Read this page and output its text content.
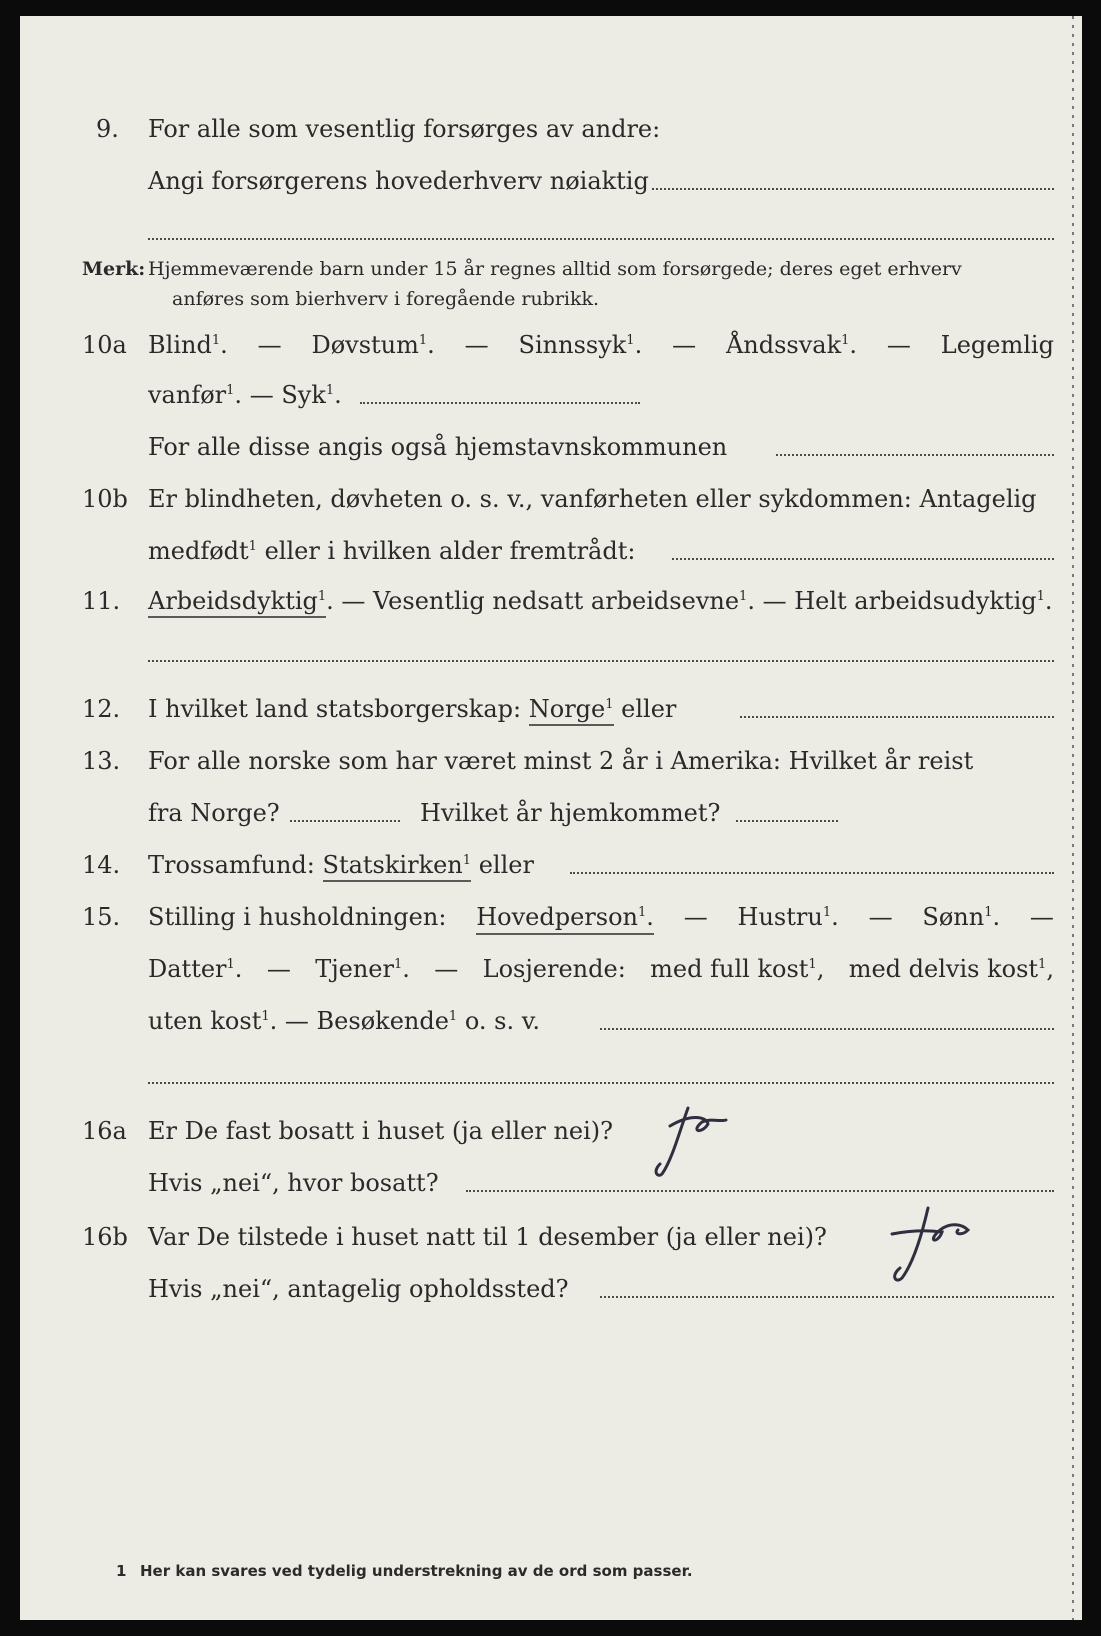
9. For alle som vesentlig forsørges av andre:
Angi forsørgerens hovederhverv nøiaktig
Merk: Hjemmeværende barn under 15 år regnes alltid som forsørgede; deres eget erhverv
anføres som bierhverv i foregående rubrikk.
10a Blind$^1$. — Døvstum$^1$. — Sinnssyk$^1$. — Åndssvak$^1$. — Legemlig
vanfør$^1$. — Syk$^1$.
For alle disse angis også hjemstavnskommunen
10b Er blindheten, døvheten o. s. v., vanførheten eller sykdommen: Antagelig
medfødt$^1$ eller i hvilken alder fremtrådt:
11. Arbeidsdyktig$^1$. — Vesentlig nedsatt arbeidsevne$^1$. — Helt arbeidsudyktig$^1$.
12. I hvilket land statsborgerskap: Norge$^1$ eller
13. For alle norske som har været minst 2 år i Amerika: Hvilket år reist
fra Norge?	Hvilket år hjemkommet?
14. Trossamfund: Statskirken$^1$ eller
15. Stilling i husholdningen: Hovedperson$^1$. — Hustru$^1$. — Sønn$^1$. —
Datter$^1$. — Tjener$^1$. — Losjerende: med full kost$^1$, med delvis kost$^1$,
uten kost$^1$. — Besøkende$^1$ o. s. v.
16a Er De fast bosatt i huset (ja eller nei)?
Ja
Hvis „nei“, hvor bosatt?
16b Var De tilstede i huset natt til 1 desember (ja eller nei)?
Ja
Hvis „nei“, antagelig opholdssted?
1 Her kan svares ved tydelig understrekning av de ord som passer.
